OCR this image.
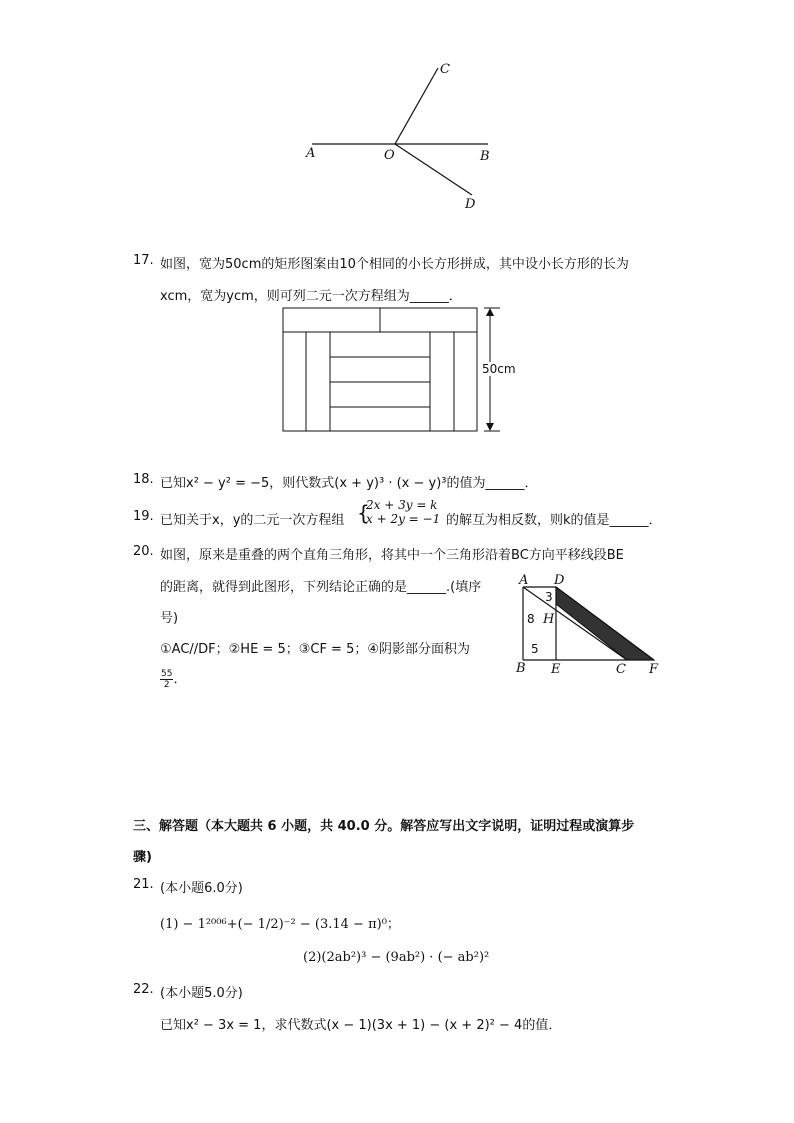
A	O	B
C
D
17. 如图，宽为50cm的矩形图案由10个相同的小长方形拼成，其中设小长方形的长为
xcm，宽为ycm，则可列二元一次方程组为______．
50cm
18. 已知x² − y² = −5，则代数式(x + y)³ · (x − y)³的值为______．
19. 已知关于x，y的二元一次方程组 {
2x + 3y = k
x + 2y = −1 的解互为相反数，则k的值是______．
20. 如图，原来是重叠的两个直角三角形，将其中一个三角形沿着BC方向平移线段BE
的距离，就得到此图形，下列结论正确的是______.(填序
号)
①AC//DF；②HE = 5；③CF = 5；④阴影部分面积为
$\frac{55}{2}$ ．
A D
3
8 H
5
B E	C F
三、解答题（本大题共 6 小题，共 40.0 分。解答应写出文字说明，证明过程或演算步
骤)
21. (本小题6.0分)
(1) − 1²⁰⁰⁶+(− 1/2)⁻² − (3.14 − π)⁰；
(2)(2ab²)³ − (9ab²) · (− ab²)²
22. (本小题5.0分)
已知x² − 3x = 1，求代数式(x − 1)(3x + 1) − (x + 2)² − 4的值．
